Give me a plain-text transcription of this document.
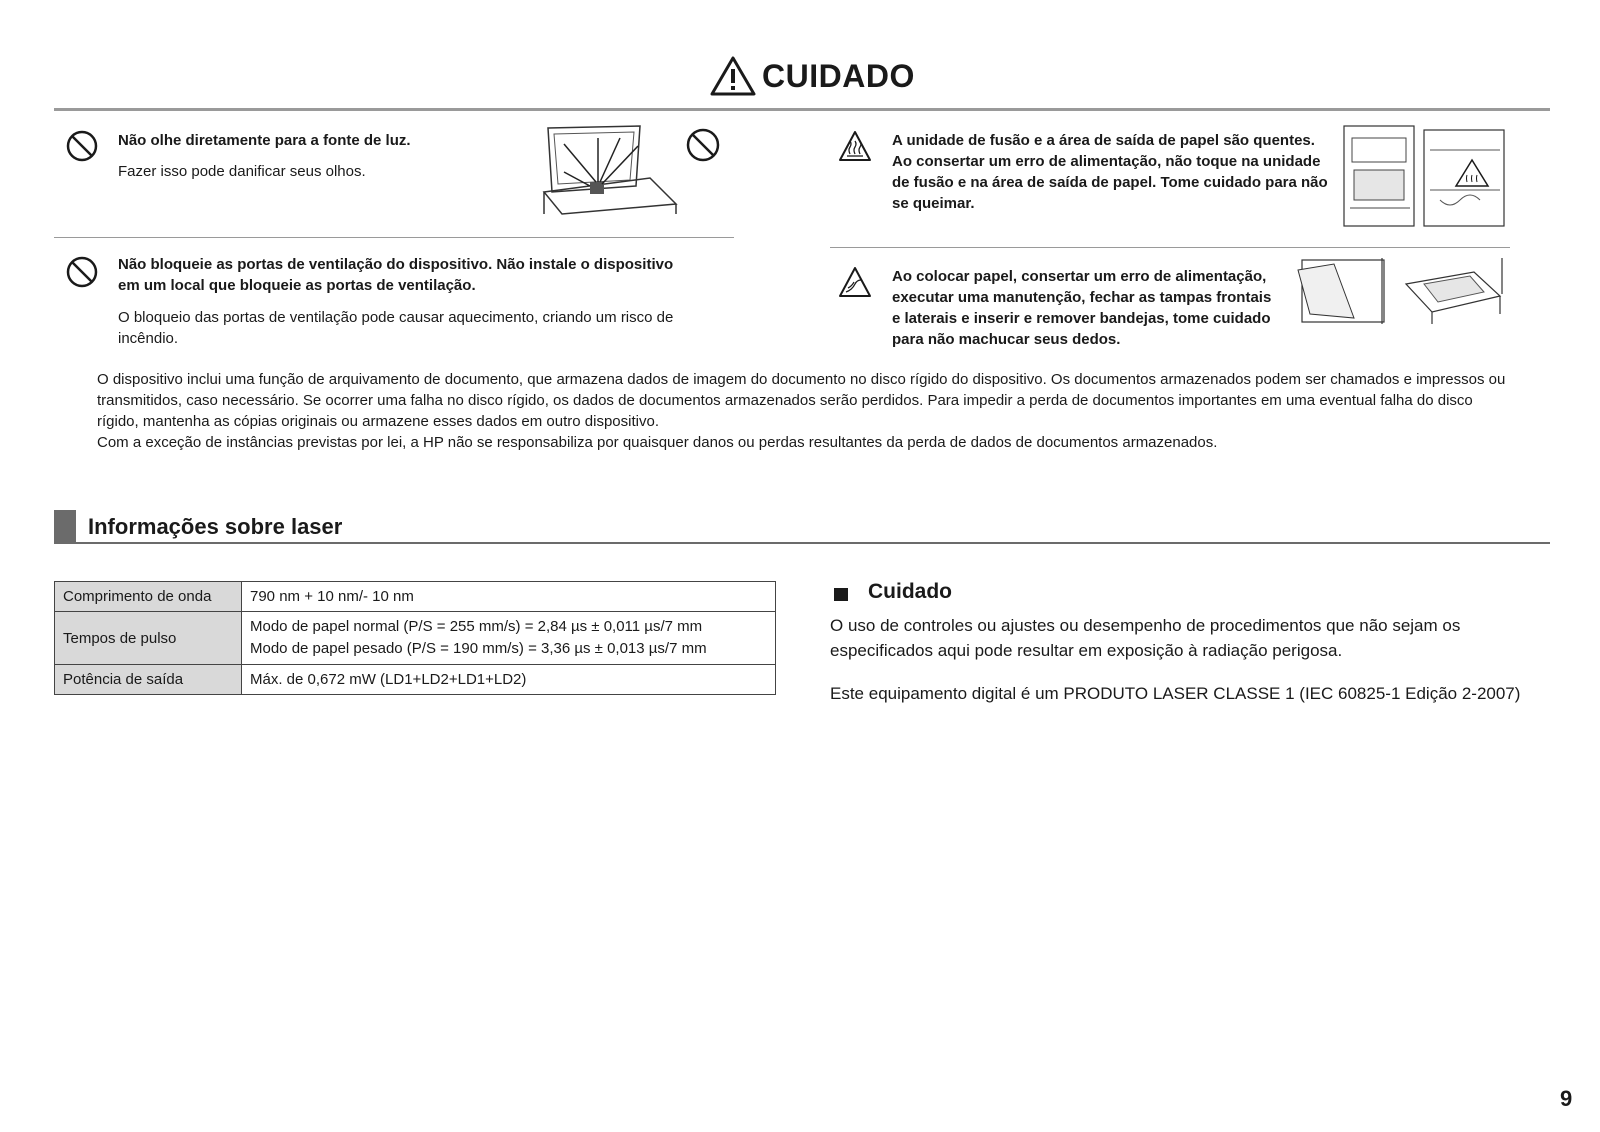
CUIDADO
Não olhe diretamente para a fonte de luz.
Fazer isso pode danificar seus olhos.
Não bloqueie as portas de ventilação do dispositivo. Não instale o dispositivo em um local que bloqueie as portas de ventilação.
O bloqueio das portas de ventilação pode causar aquecimento, criando um risco de incêndio.
A unidade de fusão e a área de saída de papel são quentes. Ao consertar um erro de alimentação, não toque na unidade de fusão e na área de saída de papel. Tome cuidado para não se queimar.
Ao colocar papel, consertar um erro de alimentação, executar uma manutenção, fechar as tampas frontais e laterais e inserir e remover bandejas, tome cuidado para não machucar seus dedos.
O dispositivo inclui uma função de arquivamento de documento, que armazena dados de imagem do documento no disco rígido do dispositivo. Os documentos armazenados podem ser chamados e impressos ou transmitidos, caso necessário. Se ocorrer uma falha no disco rígido, os dados de documentos armazenados serão perdidos. Para impedir a perda de documentos importantes em uma eventual falha do disco rígido, mantenha as cópias originais ou armazene esses dados em outro dispositivo.
Com a exceção de instâncias previstas por lei, a HP não se responsabiliza por quaisquer danos ou perdas resultantes da perda de dados de documentos armazenados.
Informações sobre laser
Comprimento de onda	790 nm + 10 nm/- 10 nm
Tempos de pulso	Modo de papel normal (P/S = 255 mm/s) = 2,84 µs ± 0,011 µs/7 mm
Modo de papel pesado (P/S = 190 mm/s) = 3,36 µs ± 0,013 µs/7 mm

Potência de saída	Máx. de 0,672 mW (LD1+LD2+LD1+LD2)
Cuidado
O uso de controles ou ajustes ou desempenho de procedimentos que não sejam os especificados aqui pode resultar em exposição à radiação perigosa.
Este equipamento digital é um PRODUTO LASER CLASSE 1 (IEC 60825-1 Edição 2-2007)
9
